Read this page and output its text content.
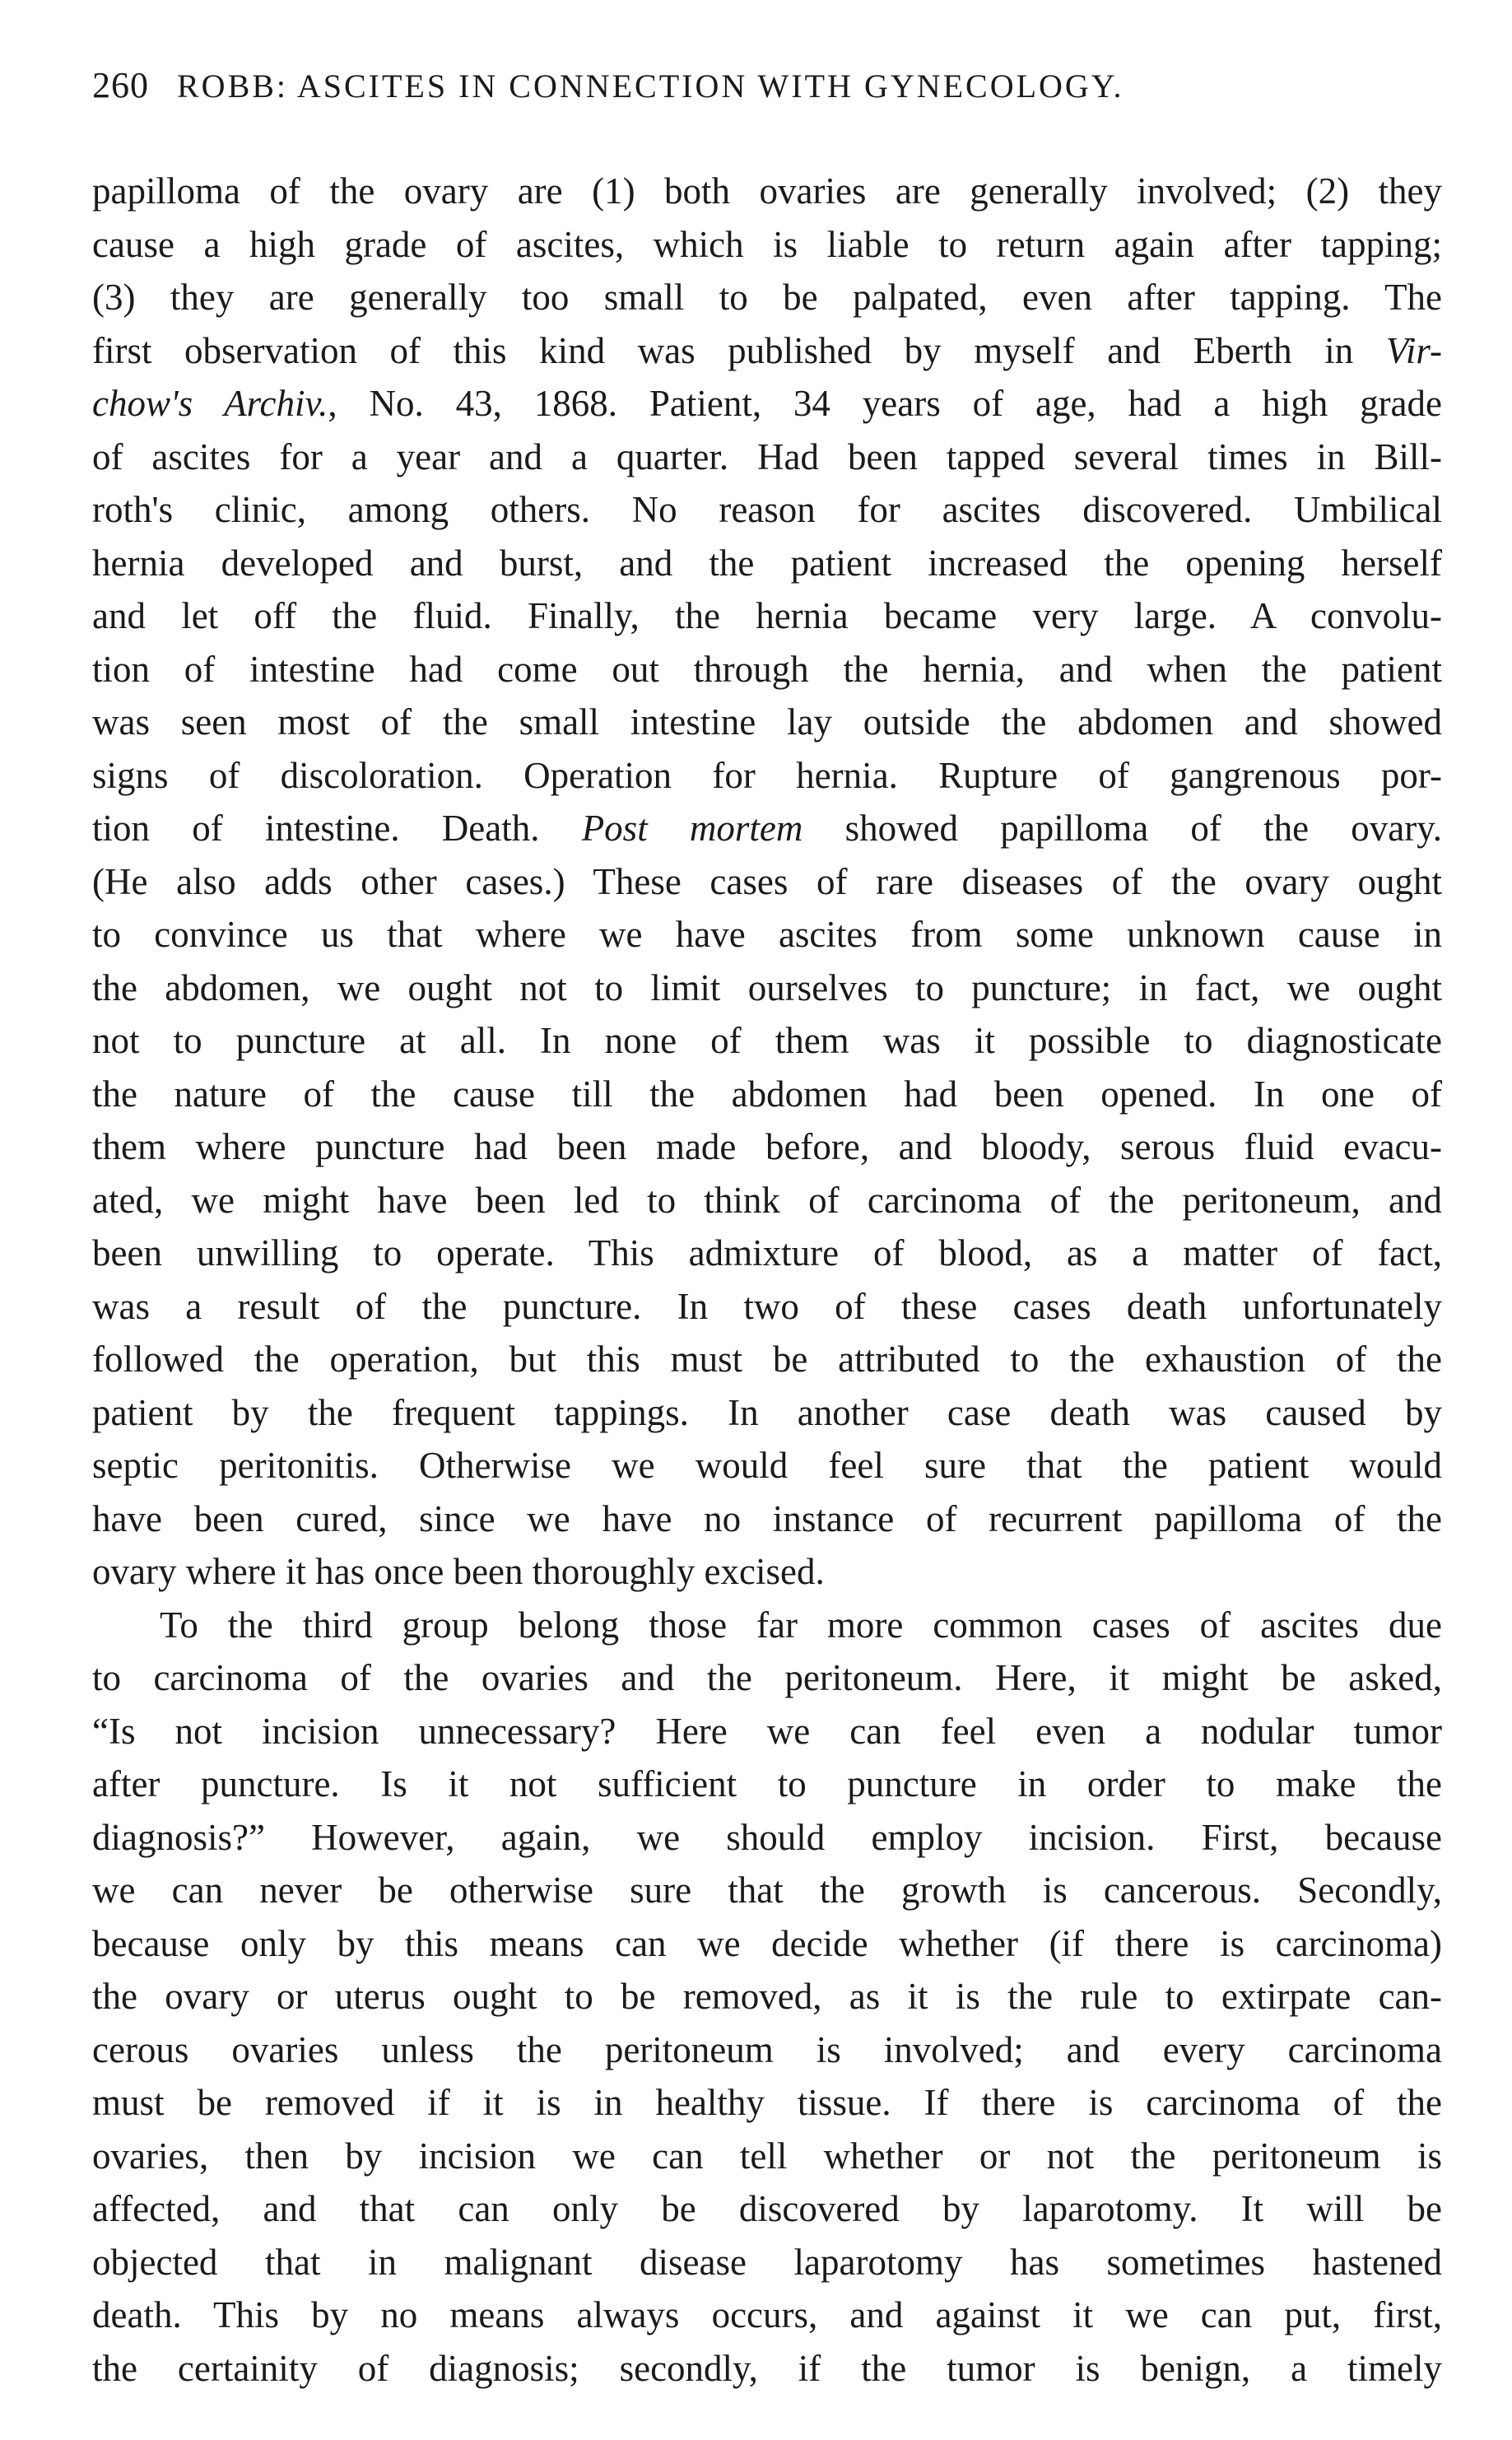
260 ROBB: ASCITES IN CONNECTION WITH GYNECOLOGY.
papilloma of the ovary are (1) both ovaries are generally involved; (2) they
cause a high grade of ascites, which is liable to return again after tapping;
(3) they are generally too small to be palpated, even after tapping. The
first observation of this kind was published by myself and Eberth in Vir-
chow's Archiv., No. 43, 1868. Patient, 34 years of age, had a high grade
of ascites for a year and a quarter. Had been tapped several times in Bill-
roth's clinic, among others. No reason for ascites discovered. Umbilical
hernia developed and burst, and the patient increased the opening herself
and let off the fluid. Finally, the hernia became very large. A convolu-
tion of intestine had come out through the hernia, and when the patient
was seen most of the small intestine lay outside the abdomen and showed
signs of discoloration. Operation for hernia. Rupture of gangrenous por-
tion of intestine. Death. Post mortem showed papilloma of the ovary.
(He also adds other cases.) These cases of rare diseases of the ovary ought
to convince us that where we have ascites from some unknown cause in
the abdomen, we ought not to limit ourselves to puncture; in fact, we ought
not to puncture at all. In none of them was it possible to diagnosticate
the nature of the cause till the abdomen had been opened. In one of
them where puncture had been made before, and bloody, serous fluid evacu-
ated, we might have been led to think of carcinoma of the peritoneum, and
been unwilling to operate. This admixture of blood, as a matter of fact,
was a result of the puncture. In two of these cases death unfortunately
followed the operation, but this must be attributed to the exhaustion of the
patient by the frequent tappings. In another case death was caused by
septic peritonitis. Otherwise we would feel sure that the patient would
have been cured, since we have no instance of recurrent papilloma of the
ovary where it has once been thoroughly excised.
To the third group belong those far more common cases of ascites due
to carcinoma of the ovaries and the peritoneum. Here, it might be asked,
“Is not incision unnecessary? Here we can feel even a nodular tumor
after puncture. Is it not sufficient to puncture in order to make the
diagnosis?” However, again, we should employ incision. First, because
we can never be otherwise sure that the growth is cancerous. Secondly,
because only by this means can we decide whether (if there is carcinoma)
the ovary or uterus ought to be removed, as it is the rule to extirpate can-
cerous ovaries unless the peritoneum is involved; and every carcinoma
must be removed if it is in healthy tissue. If there is carcinoma of the
ovaries, then by incision we can tell whether or not the peritoneum is
affected, and that can only be discovered by laparotomy. It will be
objected that in malignant disease laparotomy has sometimes hastened
death. This by no means always occurs, and against it we can put, first,
the certainity of diagnosis; secondly, if the tumor is benign, a timely
